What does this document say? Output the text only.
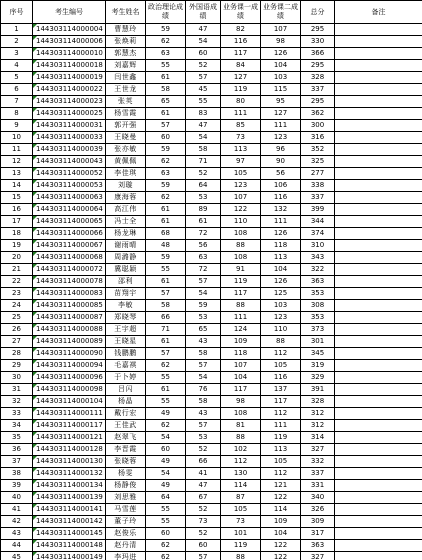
序号	考生编号	考生姓名	政治理论成绩	外国语成绩	业务课一成绩	业务课二成绩	总分	备注
1	144303114000004	曹慧玲	59	47	82	107	295	
2	144303114000006	张焕莉	62	54	116	98	330	
3	144303114000010	郭慧杰	63	60	117	126	366	
4	144303114000018	刘嘉辉	55	52	84	104	295	
5	144303114000019	闫世鑫	61	57	127	103	328	
6	144303114000022	王世龙	58	45	119	115	337	
7	144303114000023	张英	65	55	80	95	295	
8	144303114000025	杨雪霞	61	83	111	127	362	
9	144303114000031	郭开强	57	47	85	111	300	
10	144303114000033	王晓曼	60	54	73	123	316	
11	144303114000039	张亦敏	59	58	113	96	352	
12	144303114000043	黄佩佩	62	71	97	90	325	
13	144303114000052	李佳琪	63	52	105	56	277	
14	144303114000053	刘璇	59	64	123	106	338	
15	144303114000063	康海蓉	62	53	107	116	337	
16	144303114000064	高江伟	61	89	122	132	399	
17	144303114000065	冯士全	61	61	110	111	344	
18	144303114000066	杨龙琳	68	72	108	126	374	
19	144303114000067	谢雨晴	48	56	88	118	310	
20	144303114000068	周潞静	59	63	108	113	343	
21	144303114000072	冀聪颖	55	72	91	104	322	
22	144303114000078	邵利	61	57	119	126	363	
23	144303114000083	苗翔宇	57	54	117	125	353	
24	144303114000085	李敏	58	59	88	103	308	
25	144303114000087	郑晓琴	66	53	111	123	353	
26	144303114000088	王宇超	71	65	124	110	373	
27	144303114000089	王晓星	61	43	109	88	301	
28	144303114000090	钱鹏鹏	57	58	118	112	345	
29	144303114000094	毛嘉祺	62	57	107	105	319	
30	144303114000096	于卜婷	55	54	104	116	329	
31	144303114000098	吕闪	61	76	117	137	391	
32	144303114000104	杨晶	55	58	98	117	328	
33	144303114000111	戴行宏	49	43	108	112	312	
34	144303114000117	王佳武	62	57	81	111	312	
35	144303114000121	赵翠飞	54	53	88	119	314	
36	144303114000128	李晋霞	60	52	102	113	327	
37	144303114000130	张晓蓉	49	66	112	105	332	
38	144303114000132	杨雯	54	41	130	112	337	
39	144303114000134	杨静俊	49	47	114	121	331	
40	144303114000139	刘思雅	64	67	87	122	340	
41	144303114000141	马雪莲	55	52	105	114	326	
42	144303114000142	董子玲	55	73	73	109	309	
43	144303114000145	赵俊乐	60	52	101	104	317	
44	144303114000148	赵丹清	62	60	119	122	363	
45	144303114000149	李玛进	62	57	88	122	327	
